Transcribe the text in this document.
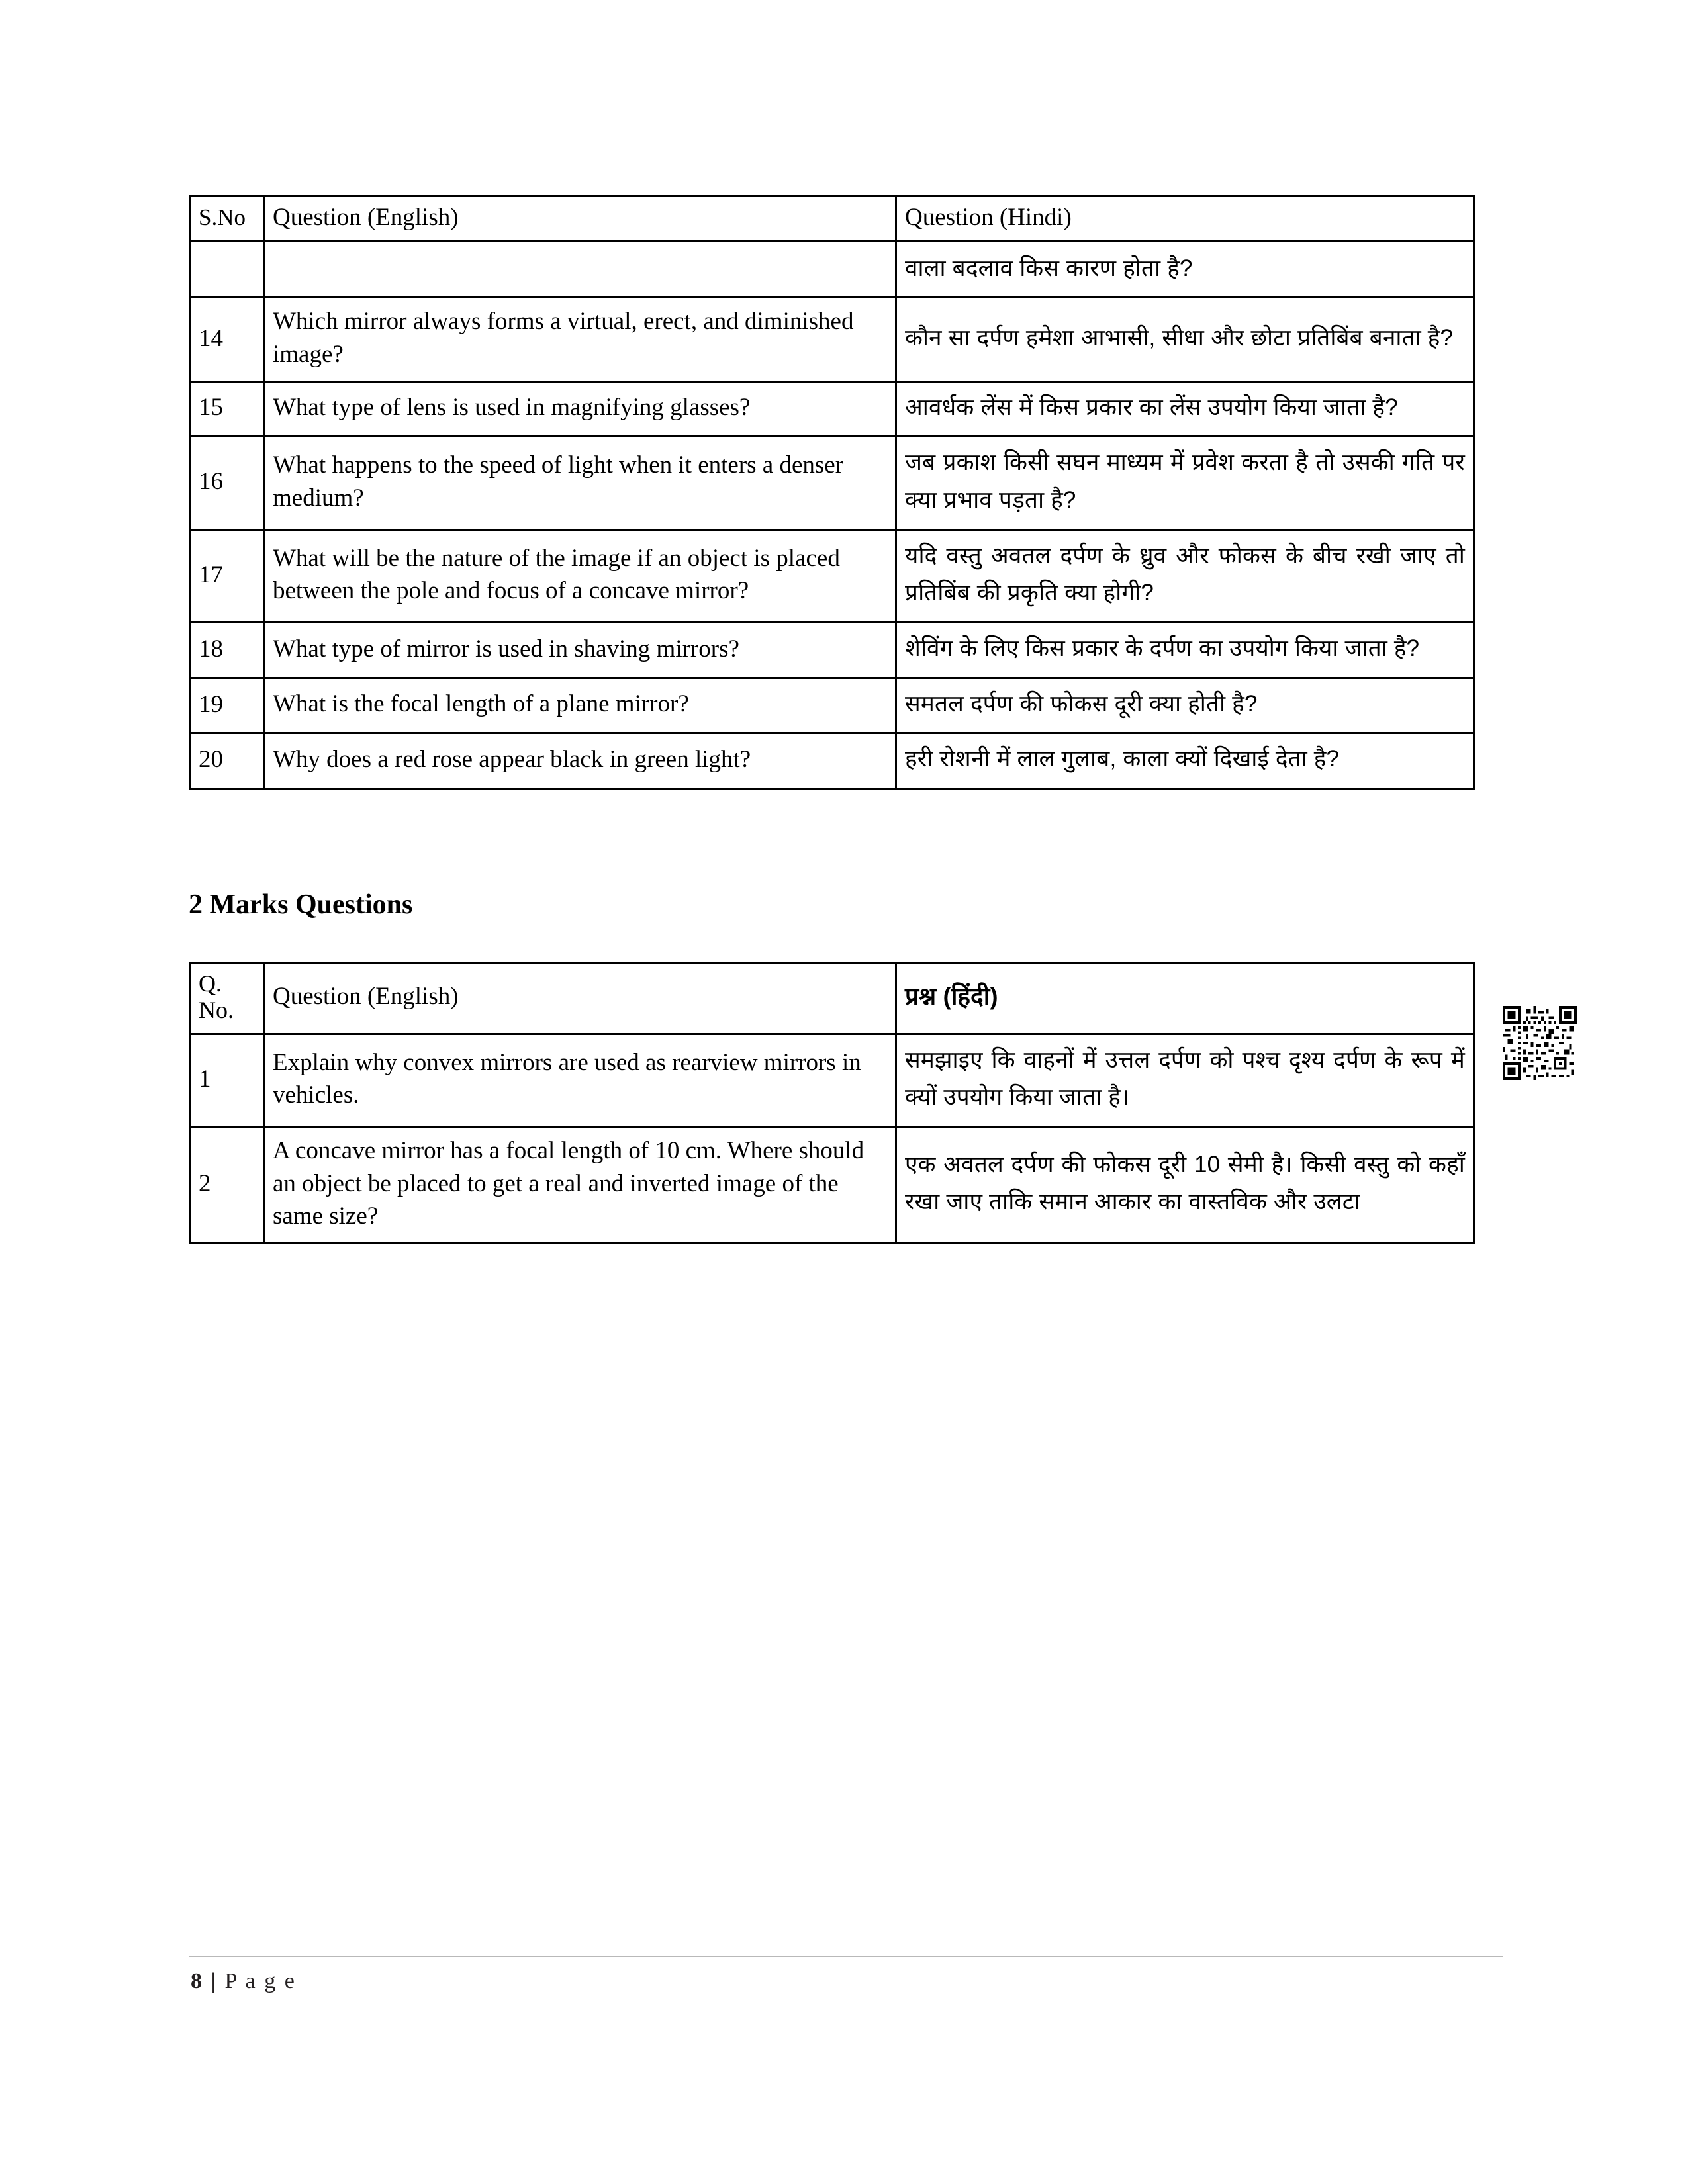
S.No	Question (English)	Question (Hindi)
		वाला बदलाव किस कारण होता है?
14	Which mirror always forms a virtual, erect, and diminished image?	कौन सा दर्पण हमेशा आभासी, सीधा और छोटा प्रतिबिंब बनाता है?
15	What type of lens is used in magnifying glasses?	आवर्धक लेंस में किस प्रकार का लेंस उपयोग किया जाता है?
16	What happens to the speed of light when it enters a denser medium?	जब प्रकाश किसी सघन माध्यम में प्रवेश करता है तो उसकी गति पर क्या प्रभाव पड़ता है?
17	What will be the nature of the image if an object is placed between the pole and focus of a concave mirror?	यदि वस्तु अवतल दर्पण के ध्रुव और फोकस के बीच रखी जाए तो प्रतिबिंब की प्रकृति क्या होगी?
18	What type of mirror is used in shaving mirrors?	शेविंग के लिए किस प्रकार के दर्पण का उपयोग किया जाता है?
19	What is the focal length of a plane mirror?	समतल दर्पण की फोकस दूरी क्या होती है?
20	Why does a red rose appear black in green light?	हरी रोशनी में लाल गुलाब, काला क्यों दिखाई देता है?
2 Marks Questions
Q. No.	Question (English)	प्रश्न (हिंदी)
1	Explain why convex mirrors are used as rearview mirrors in vehicles.	समझाइए कि वाहनों में उत्तल दर्पण को पश्च दृश्य दर्पण के रूप में क्यों उपयोग किया जाता है।
2	A concave mirror has a focal length of 10 cm. Where should an object be placed to get a real and inverted image of the same size?	एक अवतल दर्पण की फोकस दूरी 10 सेमी है। किसी वस्तु को कहाँ रखा जाए ताकि समान आकार का वास्तविक और उलटा
8 | P a g e
